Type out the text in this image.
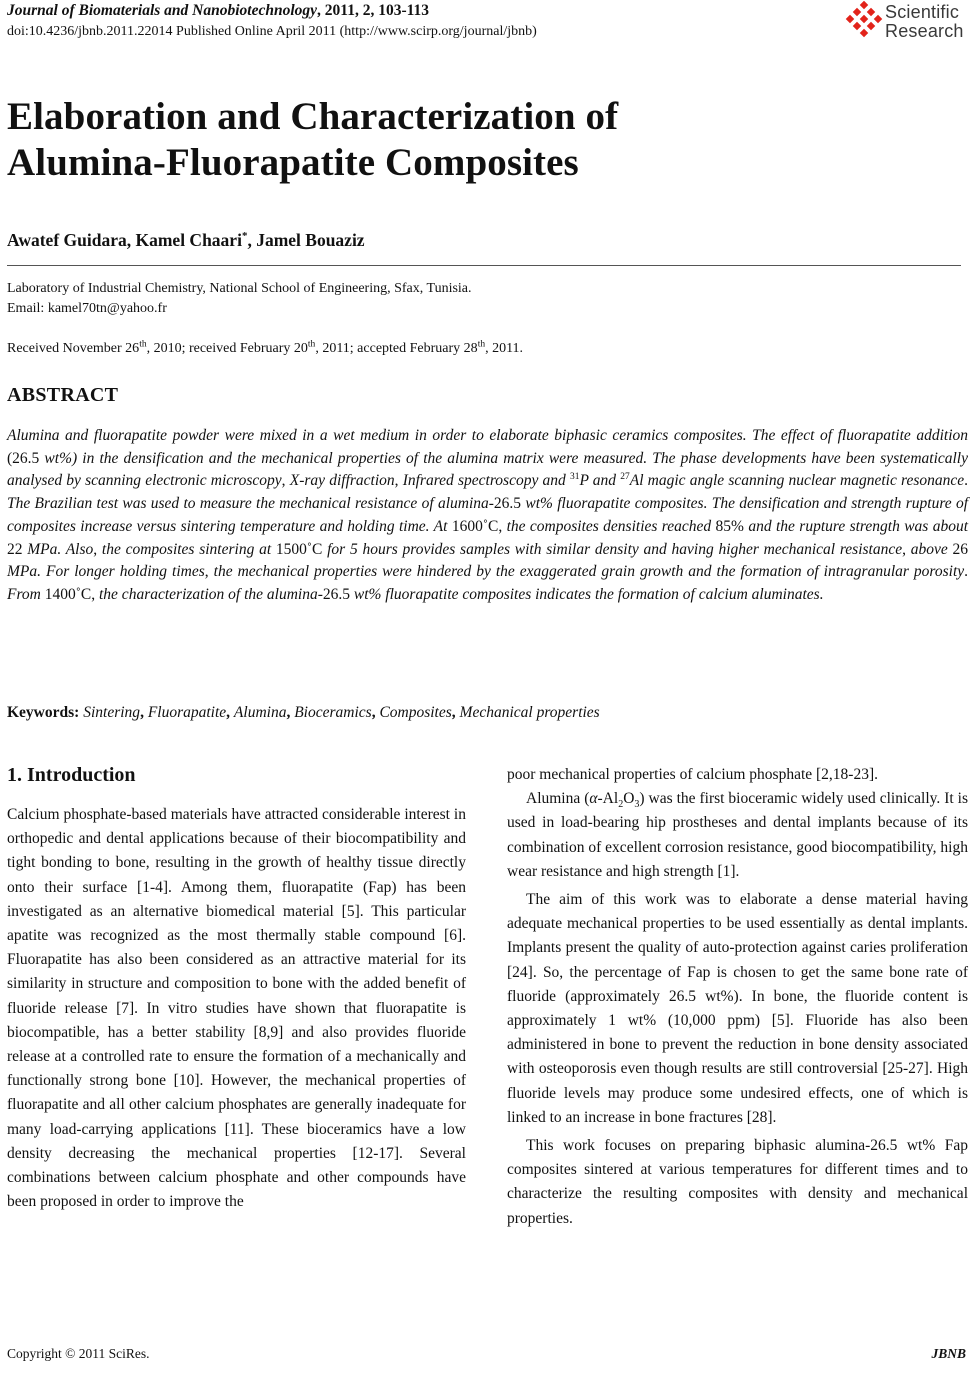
Journal of Biomaterials and Nanobiotechnology, 2011, 2, 103-113
doi:10.4236/jbnb.2011.22014 Published Online April 2011 (http://www.scirp.org/journal/jbnb)
Scientific
Research
Elaboration and Characterization of
Alumina-Fluorapatite Composites
Awatef Guidara, Kamel Chaari*, Jamel Bouaziz
Laboratory of Industrial Chemistry, National School of Engineering, Sfax, Tunisia.
Email: kamel70tn@yahoo.fr
Received November 26th, 2010; received February 20th, 2011; accepted February 28th, 2011.
ABSTRACT
Alumina and fluorapatite powder were mixed in a wet medium in order to elaborate biphasic ceramics composites. The effect of fluorapatite addition (26.5 wt%) in the densification and the mechanical properties of the alumina matrix were measured. The phase developments have been systematically analysed by scanning electronic microscopy, X-ray diffraction, Infrared spectroscopy and $^{31}$P and $^{27}$Al magic angle scanning nuclear magnetic resonance. The Brazilian test was used to measure the mechanical resistance of alumina-26.5 wt% fluorapatite composites. The densification and strength rupture of composites increase versus sintering temperature and holding time. At 1600˚C, the composites densities reached 85% and the rupture strength was about 22 MPa. Also, the composites sintering at 1500˚C for 5 hours provides samples with similar density and having higher mechanical resistance, above 26 MPa. For longer holding times, the mechanical properties were hindered by the exaggerated grain growth and the formation of intragranular porosity. From 1400˚C, the characterization of the alumina-26.5 wt% fluorapatite composites indicates the formation of calcium aluminates.
Keywords: Sintering, Fluorapatite, Alumina, Bioceramics, Composites, Mechanical properties
1. Introduction

Calcium phosphate-based materials have attracted considerable interest in orthopedic and dental applications because of their biocompatibility and tight bonding to bone, resulting in the growth of healthy tissue directly onto their surface [1-4]. Among them, fluorapatite (Fap) has been investigated as an alternative biomedical material [5]. This particular apatite was recognized as the most thermally stable compound [6]. Fluorapatite has also been considered as an attractive material for its similarity in structure and composition to bone with the added benefit of fluoride release [7]. In vitro studies have shown that fluorapatite is biocompatible, has a better stability [8,9] and also provides fluoride release at a controlled rate to ensure the formation of a mechanically and functionally strong bone [10]. However, the mechanical properties of fluorapatite and all other calcium phosphates are generally inadequate for many load-carrying applications [11]. These bioceramics have a low density decreasing the mechanical properties [12-17]. Several combinations between calcium phosphate and other compounds have been proposed in order to improve the

poor mechanical properties of calcium phosphate [2,18-23].

Alumina $(\alpha-Al_2O_3)$ was the first bioceramic widely used clinically. It is used in load-bearing hip prostheses and dental implants because of its combination of excellent corrosion resistance, good biocompatibility, high wear resistance and high strength [1].

The aim of this work was to elaborate a dense material having adequate mechanical properties to be used essentially as dental implants. Implants present the quality of auto-protection against caries proliferation [24]. So, the percentage of Fap is chosen to get the same bone rate of fluoride (approximately 26.5 wt%). In bone, the fluoride content is approximately 1 wt% (10,000 ppm) [5]. Fluoride has also been administered in bone to prevent the reduction in bone density associated with osteoporosis even though results are still controversial [25-27]. High fluoride levels may produce some undesired effects, one of which is linked to an increase in bone fractures [28].

This work focuses on preparing biphasic alumina-26.5 wt% Fap composites sintered at various temperatures for different times and to characterize the resulting composites with density and mechanical properties.

Copyright © 2011 SciRes.	JBNB
